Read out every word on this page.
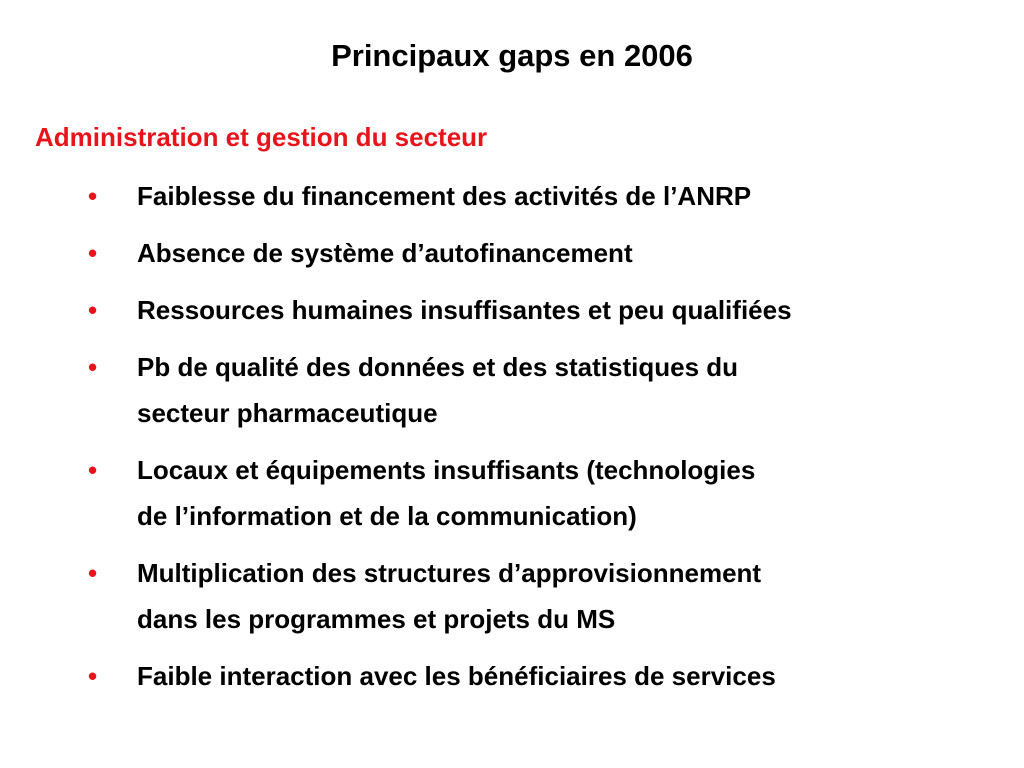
Principaux gaps en 2006
Administration et gestion du secteur
• Faiblesse du financement des activités de l’ANRP
• Absence de système d’autofinancement
• Ressources humaines insuffisantes et peu qualifiées
• Pb de qualité des données et des statistiques du
secteur pharmaceutique
• Locaux et équipements insuffisants (technologies
de l’information et de la communication)
• Multiplication des structures d’approvisionnement
dans les programmes et projets du MS
• Faible interaction avec les bénéficiaires de services
